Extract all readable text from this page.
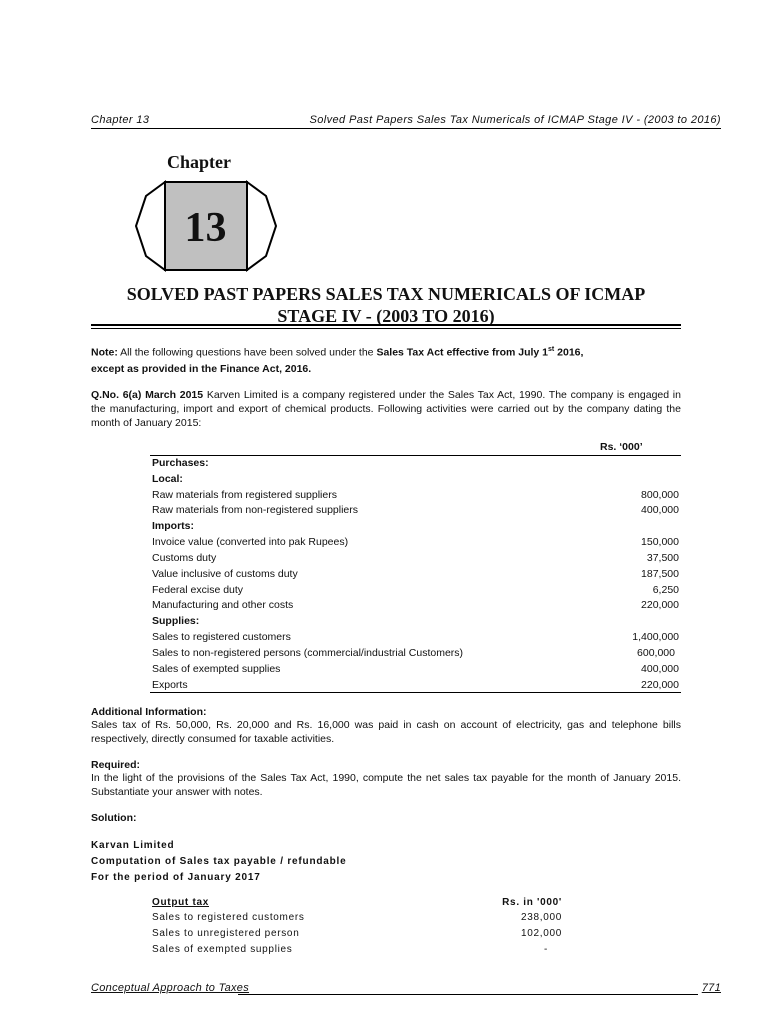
Chapter 13	Solved Past Papers Sales Tax Numericals of ICMAP Stage IV - (2003 to 2016)
Chapter
13
SOLVED PAST PAPERS SALES TAX NUMERICALS OF ICMAP
STAGE IV - (2003 TO 2016)
Note: All the following questions have been solved under the Sales Tax Act effective from July 1st 2016,
except as provided in the Finance Act, 2016.
Q.No. 6(a) March 2015 Karven Limited is a company registered under the Sales Tax Act, 1990. The company is engaged in the manufacturing, import and export of chemical products. Following activities were carried out by the company dating the month of January 2015:
Rs. ‘000’
Purchases:
Local:
Raw materials from registered suppliers	800,000
Raw materials from non-registered suppliers	400,000
Imports:
Invoice value (converted into pak Rupees)	150,000
Customs duty	37,500
Value inclusive of customs duty	187,500
Federal excise duty	6,250
Manufacturing and other costs	220,000
Supplies:
Sales to registered customers	1,400,000
Sales to non-registered persons (commercial/industrial Customers)	600,000
Sales of exempted supplies	400,000
Exports	220,000
Additional Information:
Sales tax of Rs. 50,000, Rs. 20,000 and Rs. 16,000 was paid in cash on account of electricity, gas and telephone bills respectively, directly consumed for taxable activities.
Required:
In the light of the provisions of the Sales Tax Act, 1990, compute the net sales tax payable for the month of January 2015. Substantiate your answer with notes.
Solution:
Karvan Limited
Computation of Sales tax payable / refundable
For the period of January 2017
Output tax	Rs. in '000'
Sales to registered customers	238,000
Sales to unregistered person	102,000
Sales of exempted supplies	-
Conceptual Approach to Taxes	771
